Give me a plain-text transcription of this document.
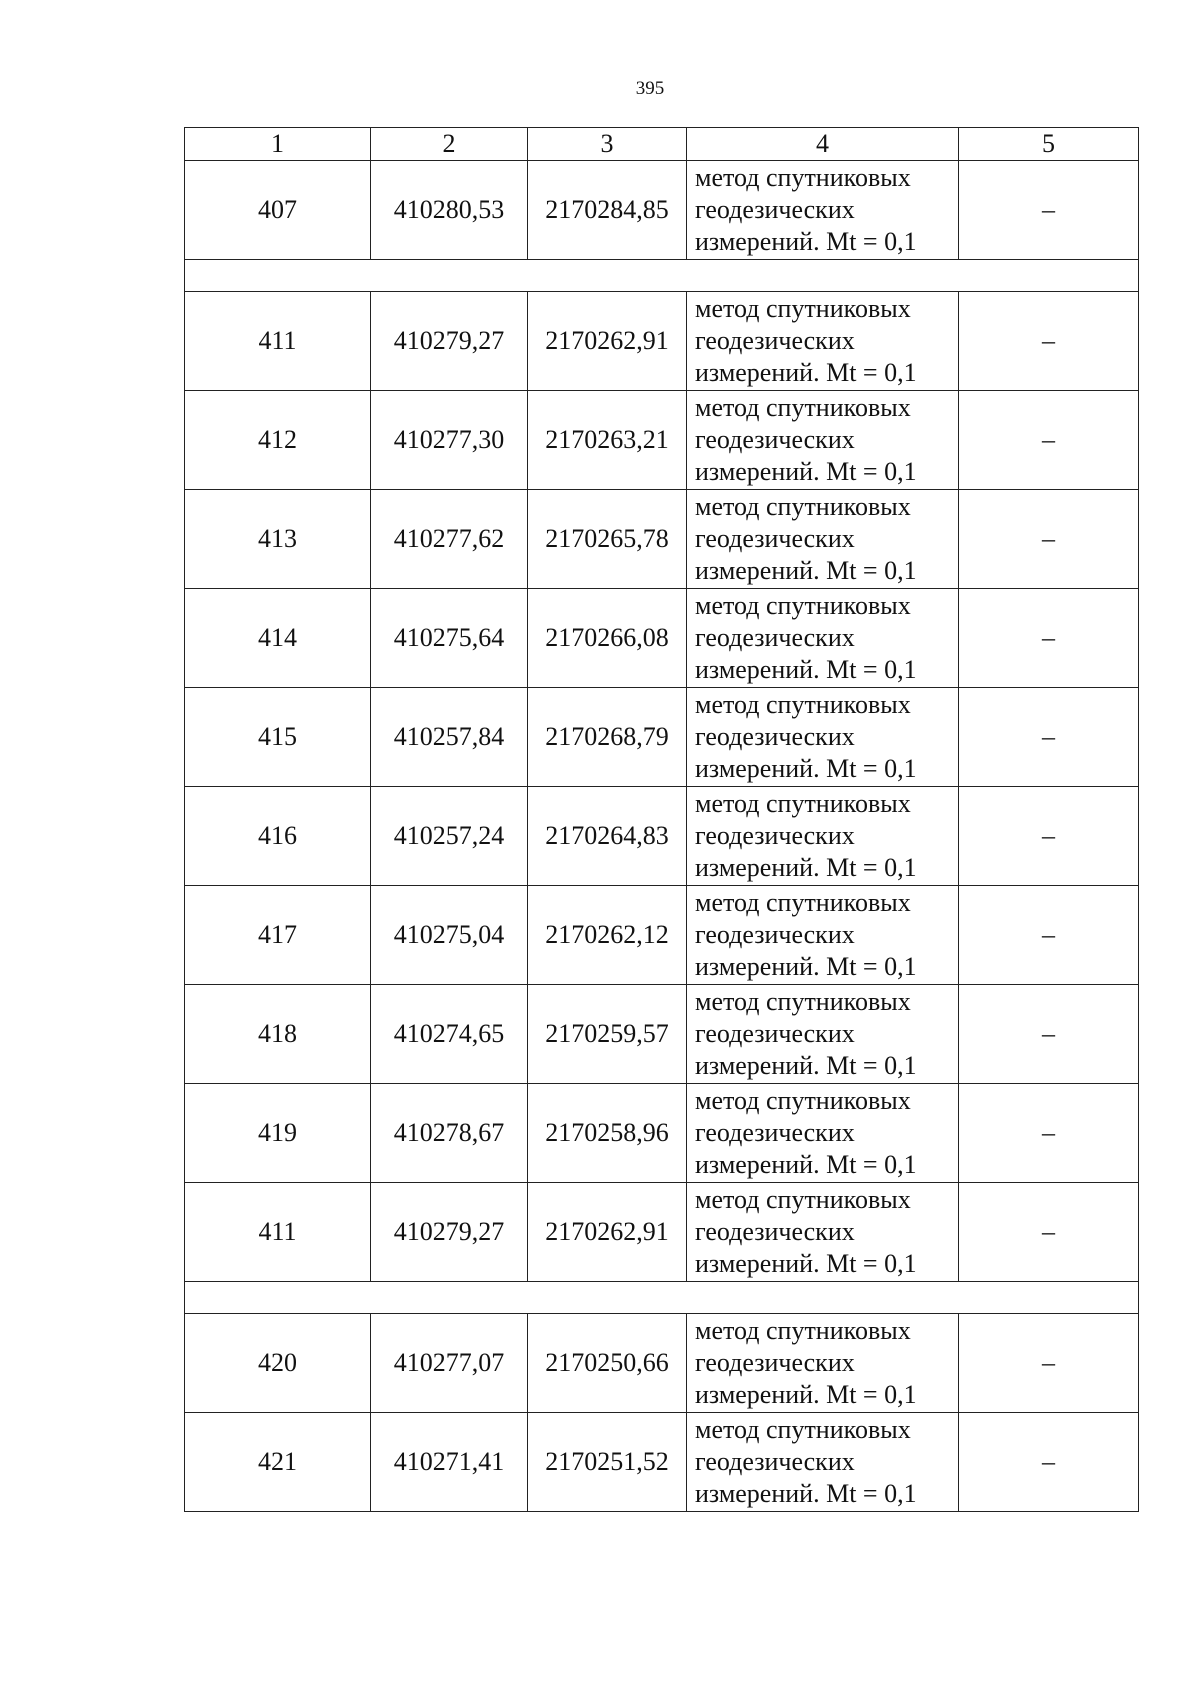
395
1	2	3	4	5
407	410280,53	2170284,85	метод спутниковых
геодезических
измерений. Mt = 0,1	–

411	410279,27	2170262,91	метод спутниковых
геодезических
измерений. Mt = 0,1	–
412	410277,30	2170263,21	метод спутниковых
геодезических
измерений. Mt = 0,1	–
413	410277,62	2170265,78	метод спутниковых
геодезических
измерений. Mt = 0,1	–
414	410275,64	2170266,08	метод спутниковых
геодезических
измерений. Mt = 0,1	–
415	410257,84	2170268,79	метод спутниковых
геодезических
измерений. Mt = 0,1	–
416	410257,24	2170264,83	метод спутниковых
геодезических
измерений. Mt = 0,1	–
417	410275,04	2170262,12	метод спутниковых
геодезических
измерений. Mt = 0,1	–
418	410274,65	2170259,57	метод спутниковых
геодезических
измерений. Mt = 0,1	–
419	410278,67	2170258,96	метод спутниковых
геодезических
измерений. Mt = 0,1	–
411	410279,27	2170262,91	метод спутниковых
геодезических
измерений. Mt = 0,1	–

420	410277,07	2170250,66	метод спутниковых
геодезических
измерений. Mt = 0,1	–
421	410271,41	2170251,52	метод спутниковых
геодезических
измерений. Mt = 0,1	–
